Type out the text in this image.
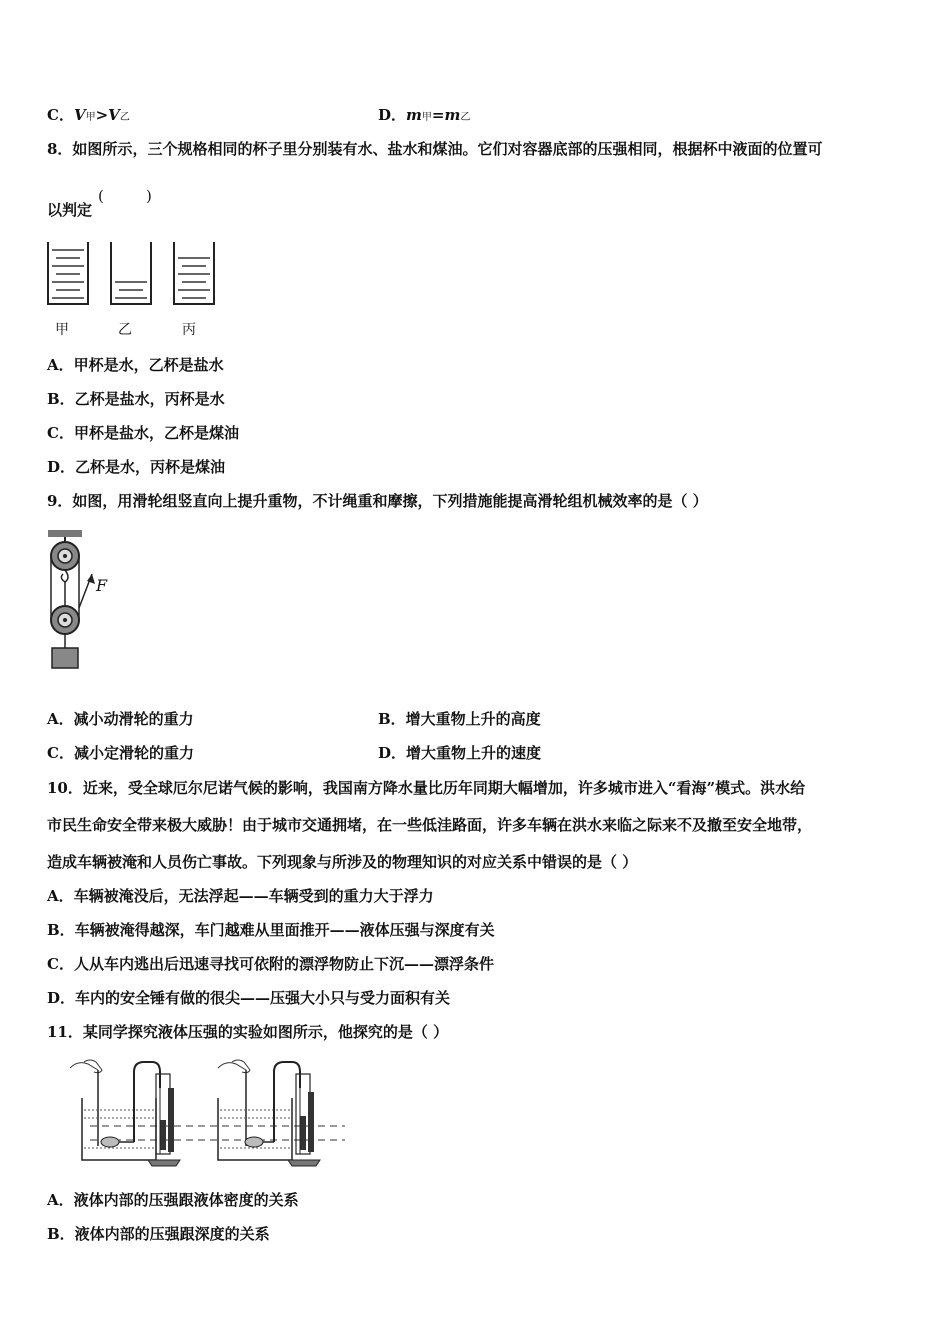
C．V甲>V乙	D．m甲=m乙
8．如图所示，三个规格相同的杯子里分别装有水、盐水和煤油。它们对容器底部的压强相同，根据杯中液面的位置可
以判定
(	)
甲	乙	丙
A．甲杯是水，乙杯是盐水
B．乙杯是盐水，丙杯是水
C．甲杯是盐水，乙杯是煤油
D．乙杯是水，丙杯是煤油
9．如图，用滑轮组竖直向上提升重物，不计绳重和摩擦，下列措施能提高滑轮组机械效率的是（ ）
F
A．减小动滑轮的重力	B．增大重物上升的高度
C．减小定滑轮的重力	D．增大重物上升的速度
10．近来，受全球厄尔尼诺气候的影响，我国南方降水量比历年同期大幅增加，许多城市进入“看海”模式。洪水给
市民生命安全带来极大威胁！由于城市交通拥堵，在一些低洼路面，许多车辆在洪水来临之际来不及撤至安全地带，
造成车辆被淹和人员伤亡事故。下列现象与所涉及的物理知识的对应关系中错误的是（ ）
A．车辆被淹没后，无法浮起——车辆受到的重力大于浮力
B．车辆被淹得越深，车门越难从里面推开——液体压强与深度有关
C．人从车内逃出后迅速寻找可依附的漂浮物防止下沉——漂浮条件
D．车内的安全锤有做的很尖——压强大小只与受力面积有关
11．某同学探究液体压强的实验如图所示，他探究的是（ ）
A．液体内部的压强跟液体密度的关系
B．液体内部的压强跟深度的关系
